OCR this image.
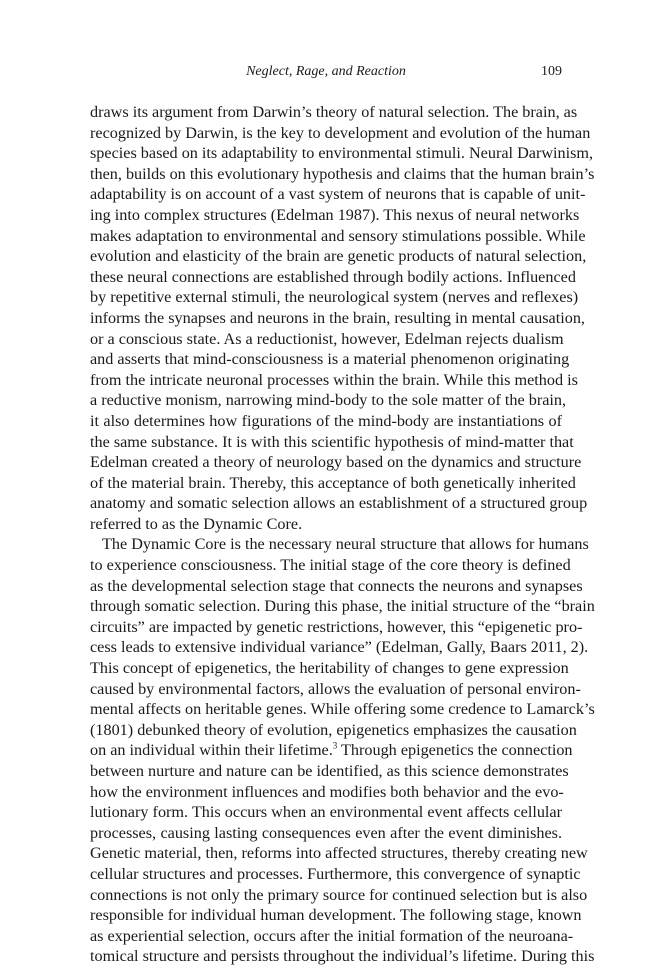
Neglect, Rage, and Reaction	109
draws its argument from Darwin’s theory of natural selection. The brain, as
recognized by Darwin, is the key to development and evolution of the human
species based on its adaptability to environmental stimuli. Neural Darwinism,
then, builds on this evolutionary hypothesis and claims that the human brain’s
adaptability is on account of a vast system of neurons that is capable of unit-
ing into complex structures (Edelman 1987). This nexus of neural networks
makes adaptation to environmental and sensory stimulations possible. While
evolution and elasticity of the brain are genetic products of natural selection,
these neural connections are established through bodily actions. Influenced
by repetitive external stimuli, the neurological system (nerves and reflexes)
informs the synapses and neurons in the brain, resulting in mental causation,
or a conscious state. As a reductionist, however, Edelman rejects dualism
and asserts that mind-consciousness is a material phenomenon originating
from the intricate neuronal processes within the brain. While this method is
a reductive monism, narrowing mind-body to the sole matter of the brain,
it also determines how figurations of the mind-body are instantiations of
the same substance. It is with this scientific hypothesis of mind-matter that
Edelman created a theory of neurology based on the dynamics and structure
of the material brain. Thereby, this acceptance of both genetically inherited
anatomy and somatic selection allows an establishment of a structured group
referred to as the Dynamic Core.
The Dynamic Core is the necessary neural structure that allows for humans
to experience consciousness. The initial stage of the core theory is defined
as the developmental selection stage that connects the neurons and synapses
through somatic selection. During this phase, the initial structure of the “brain
circuits” are impacted by genetic restrictions, however, this “epigenetic pro-
cess leads to extensive individual variance” (Edelman, Gally, Baars 2011, 2).
This concept of epigenetics, the heritability of changes to gene expression
caused by environmental factors, allows the evaluation of personal environ-
mental affects on heritable genes. While offering some credence to Lamarck’s
(1801) debunked theory of evolution, epigenetics emphasizes the causation
on an individual within their lifetime.$^3$ Through epigenetics the connection
between nurture and nature can be identified, as this science demonstrates
how the environment influences and modifies both behavior and the evo-
lutionary form. This occurs when an environmental event affects cellular
processes, causing lasting consequences even after the event diminishes.
Genetic material, then, reforms into affected structures, thereby creating new
cellular structures and processes. Furthermore, this convergence of synaptic
connections is not only the primary source for continued selection but is also
responsible for individual human development. The following stage, known
as experiential selection, occurs after the initial formation of the neuroana-
tomical structure and persists throughout the individual’s lifetime. During this
